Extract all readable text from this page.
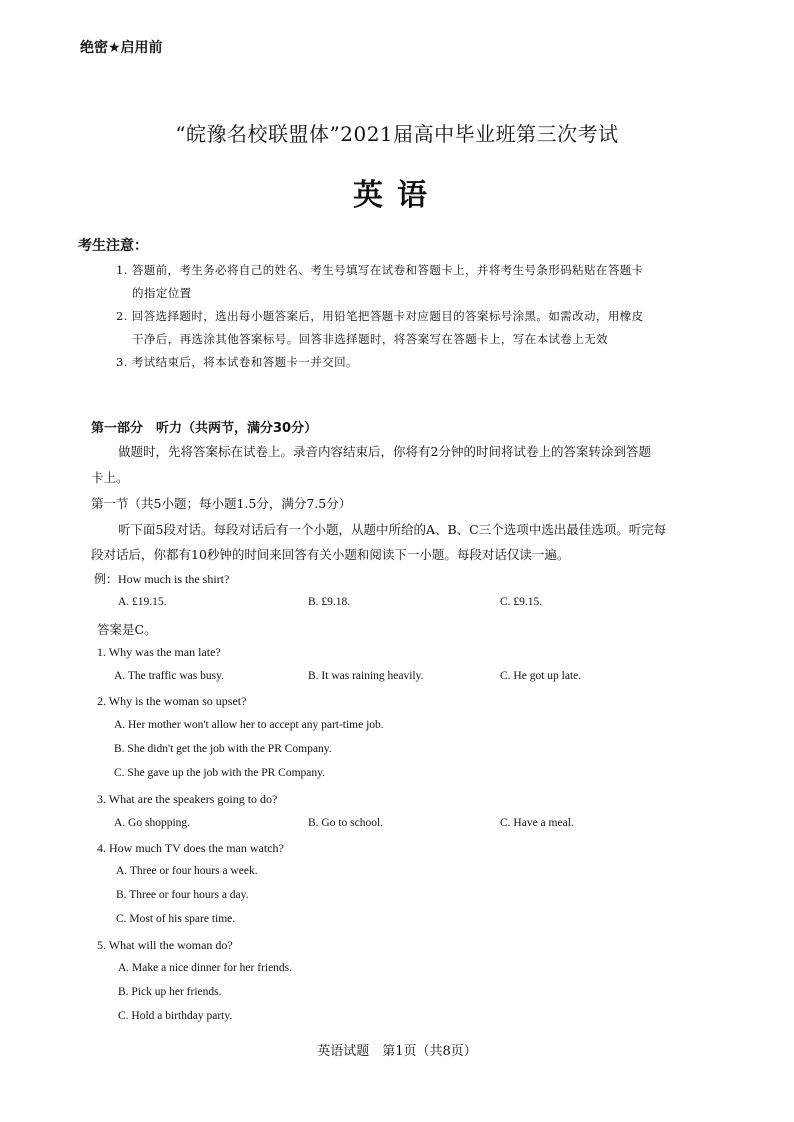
绝密★启用前
“皖豫名校联盟体”2021届高中毕业班第三次考试
英语
考生注意：
1. 答题前，考生务必将自己的姓名、考生号填写在试卷和答题卡上，并将考生号条形码粘贴在答题卡
的指定位置
2. 回答选择题时，选出每小题答案后，用铅笔把答题卡对应题目的答案标号涂黑。如需改动，用橡皮
干净后，再选涂其他答案标号。回答非选择题时，将答案写在答题卡上，写在本试卷上无效
3. 考试结束后，将本试卷和答题卡一并交回。
第一部分　听力（共两节，满分30分）
做题时，先将答案标在试卷上。录音内容结束后，你将有2分钟的时间将试卷上的答案转涂到答题
卡上。
第一节（共5小题；每小题1.5分，满分7.5分）
听下面5段对话。每段对话后有一个小题，从题中所给的A、B、C三个选项中选出最佳选项。听完每
段对话后，你都有10秒钟的时间来回答有关小题和阅读下一小题。每段对话仅读一遍。
例：How much is the shirt?
A. £19.15.	B. £9.18.	C. £9.15.
答案是C。
1. Why was the man late?
A. The traffic was busy.	B. It was raining heavily.	C. He got up late.
2. Why is the woman so upset?
A. Her mother won't allow her to accept any part-time job.
B. She didn't get the job with the PR Company.
C. She gave up the job with the PR Company.
3. What are the speakers going to do?
A. Go shopping.	B. Go to school.	C. Have a meal.
4. How much TV does the man watch?
A. Three or four hours a week.
B. Three or four hours a day.
C. Most of his spare time.
5. What will the woman do?
A. Make a nice dinner for her friends.
B. Pick up her friends.
C. Hold a birthday party.
英语试题　第1页（共8页）
